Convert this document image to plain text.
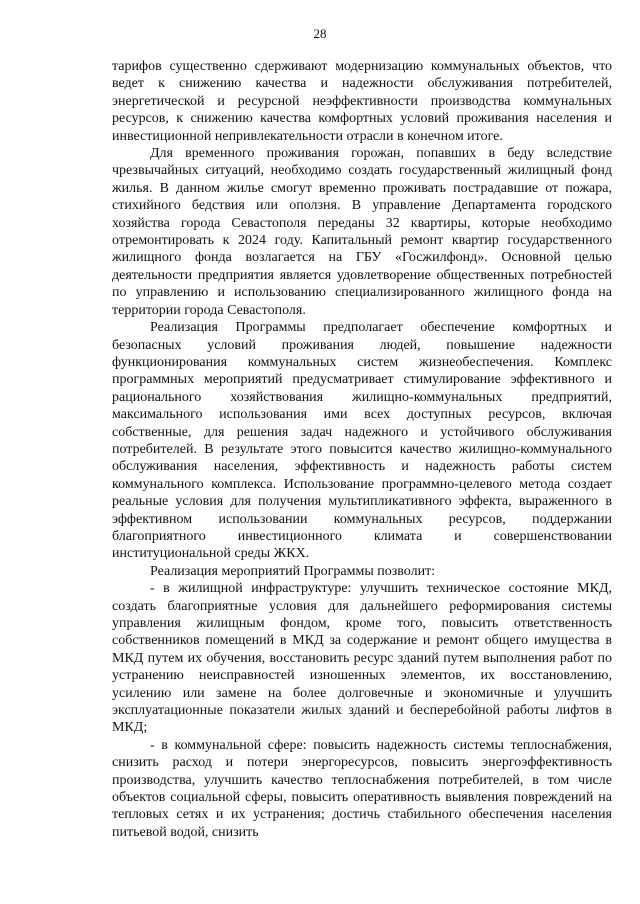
28

тарифов существенно сдерживают модернизацию коммунальных объектов, что ведет к снижению качества и надежности обслуживания потребителей, энергетической и ресурсной неэффективности производства коммунальных ресурсов, к снижению качества комфортных условий проживания населения и инвестиционной непривлекательности отрасли в конечном итоге.

Для временного проживания горожан, попавших в беду вследствие чрезвычайных ситуаций, необходимо создать государственный жилищный фонд жилья. В данном жилье смогут временно проживать пострадавшие от пожара, стихийного бедствия или оползня. В управление Департамента городского хозяйства города Севастополя переданы 32 квартиры, которые необходимо отремонтировать к 2024 году. Капитальный ремонт квартир государственного жилищного фонда возлагается на ГБУ «Госжилфонд». Основной целью деятельности предприятия является удовлетворение общественных потребностей по управлению и использованию специализированного жилищного фонда на территории города Севастополя.

Реализация Программы предполагает обеспечение комфортных и безопасных условий проживания людей, повышение надежности функционирования коммунальных систем жизнеобеспечения. Комплекс программных мероприятий предусматривает стимулирование эффективного и рационального хозяйствования жилищно-коммунальных предприятий, максимального использования ими всех доступных ресурсов, включая собственные, для решения задач надежного и устойчивого обслуживания потребителей. В результате этого повысится качество жилищно-коммунального обслуживания населения, эффективность и надежность работы систем коммунального комплекса. Использование программно-целевого метода создает реальные условия для получения мультипликативного эффекта, выраженного в эффективном использовании коммунальных ресурсов, поддержании благоприятного инвестиционного климата и совершенствовании институциональной среды ЖКХ.

Реализация мероприятий Программы позволит:

- в жилищной инфраструктуре: улучшить техническое состояние МКД, создать благоприятные условия для дальнейшего реформирования системы управления жилищным фондом, кроме того, повысить ответственность собственников помещений в МКД за содержание и ремонт общего имущества в МКД путем их обучения, восстановить ресурс зданий путем выполнения работ по устранению неисправностей изношенных элементов, их восстановлению, усилению или замене на более долговечные и экономичные и улучшить эксплуатационные показатели жилых зданий и бесперебойной работы лифтов в МКД;

- в коммунальной сфере: повысить надежность системы теплоснабжения, снизить расход и потери энергоресурсов, повысить энергоэффективность производства, улучшить качество теплоснабжения потребителей, в том числе объектов социальной сферы, повысить оперативность выявления повреждений на тепловых сетях и их устранения; достичь стабильного обеспечения населения питьевой водой, снизить
